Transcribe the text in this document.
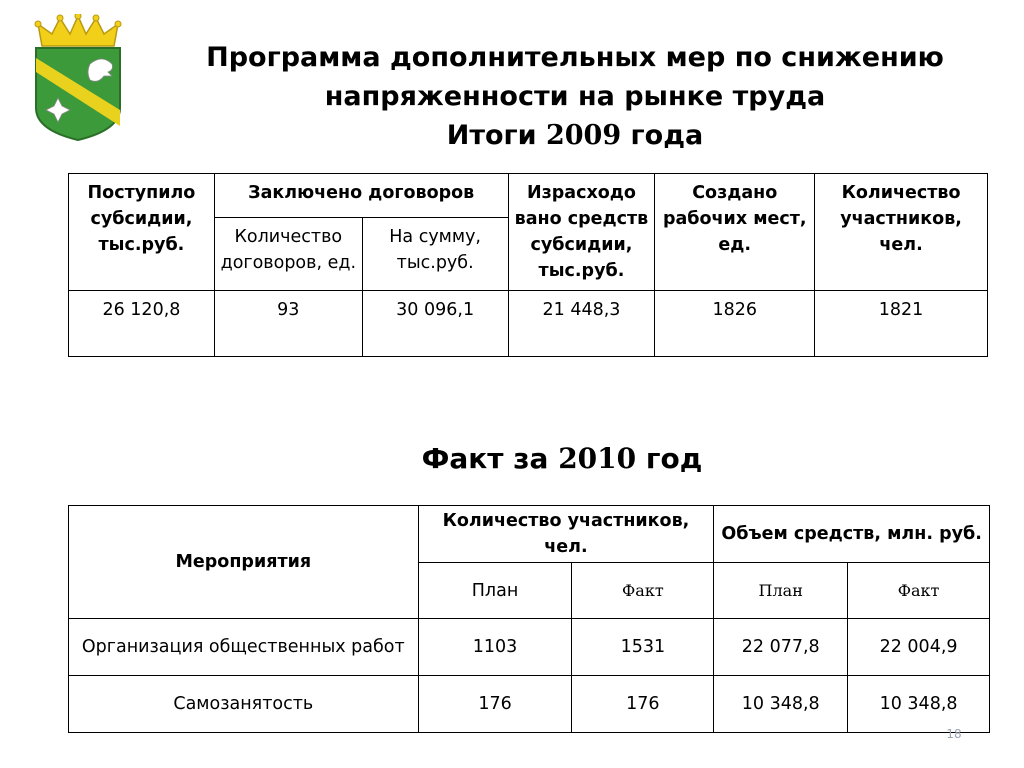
Программа дополнительных мер по снижению
напряженности на рынке труда
Итоги 2009 года
Поступило субсидии, тыс.руб.	Заключено договоров		Израсходо вано средств субсидии, тыс.руб.	Создано рабочих мест, ед.	Количество участников, чел.
	Количество договоров, ед.	На сумму, тыс.руб.			
26 120,8	93	30 096,1	21 448,3	1826	1821
Факт за 2010 год
Мероприятия	Количество участников, чел.		Объем средств, млн. руб.	
	План	Факт	План	Факт
Организация общественных работ	1103	1531	22 077,8	22 004,9
Самозанятость	176	176	10 348,8	10 348,8
18
